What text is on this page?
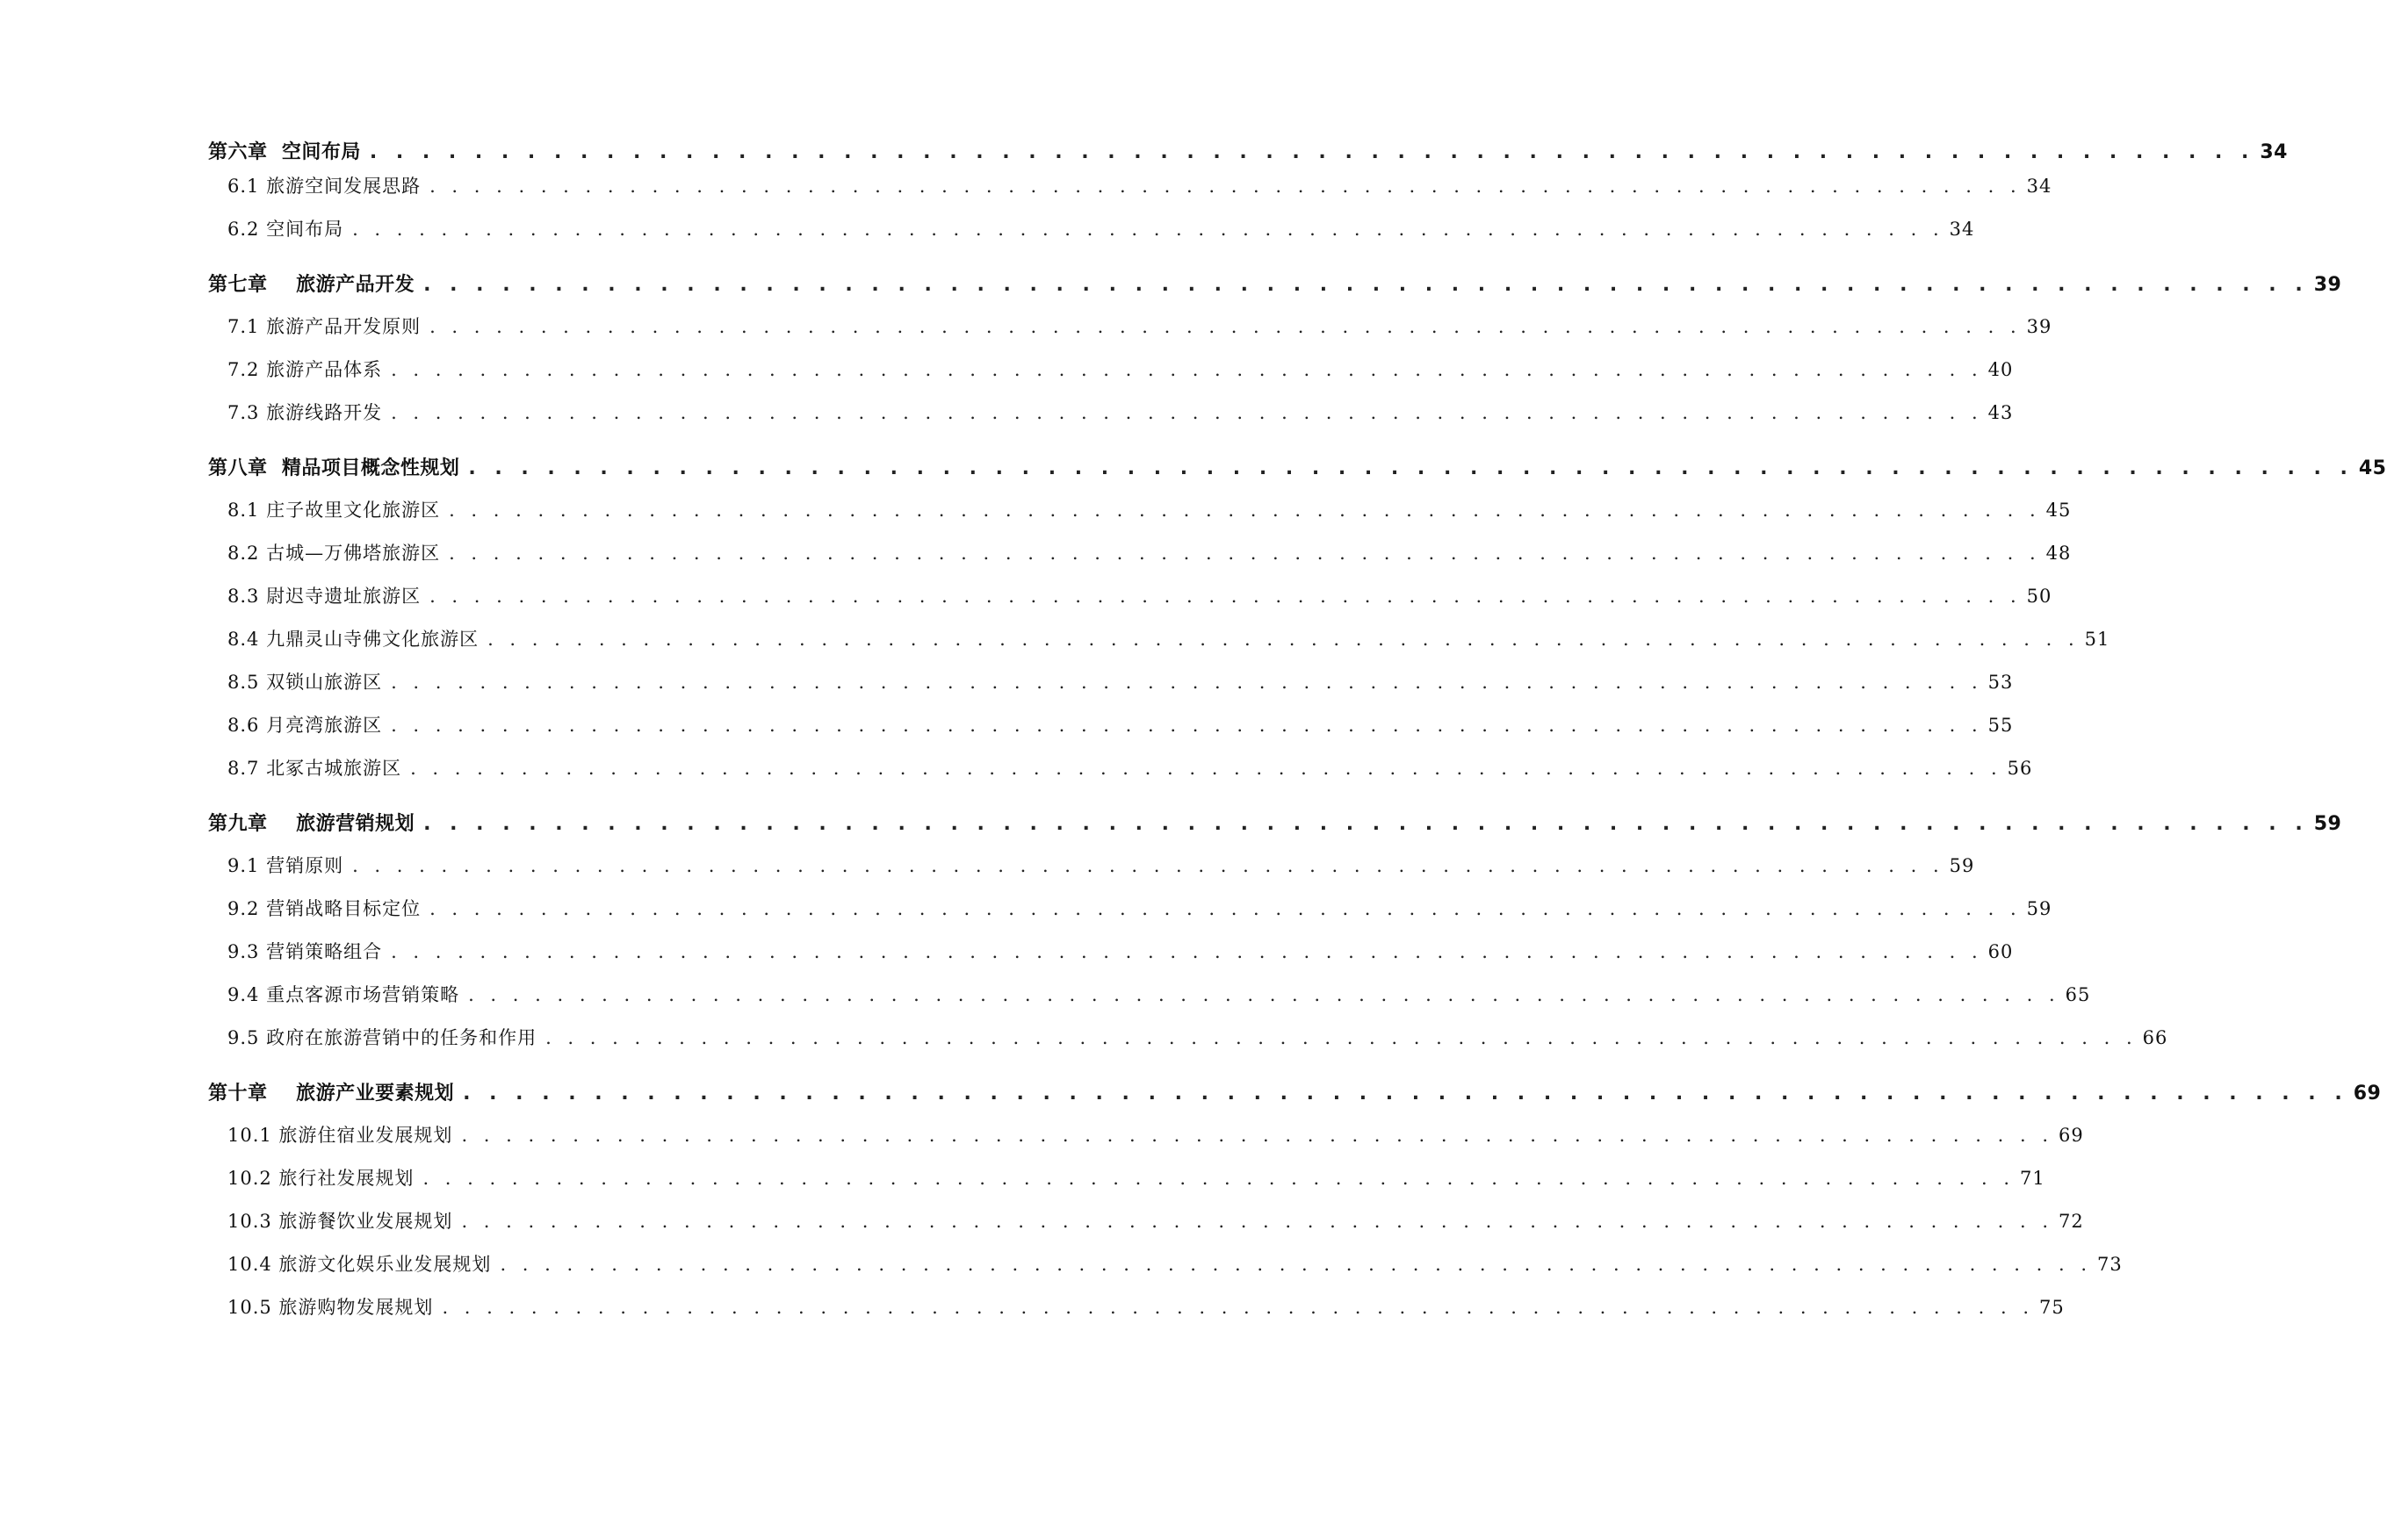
第六章  空间布局 . . . . . . . . . . . . . . . . . . . . . . . . . . . . . . . . . . . . . . . . . . . . . . . . . . . . . . . . . . . . . . . . . . . . . . . . 34
6.1 旅游空间发展思路 . . . . . . . . . . . . . . . . . . . . . . . . . . . . . . . . . . . . . . . . . . . . . . . . . . . . . . . . . . . . . . . . . . . . . . . . 34
6.2 空间布局 . . . . . . . . . . . . . . . . . . . . . . . . . . . . . . . . . . . . . . . . . . . . . . . . . . . . . . . . . . . . . . . . . . . . . . . . 34
第七章    旅游产品开发 . . . . . . . . . . . . . . . . . . . . . . . . . . . . . . . . . . . . . . . . . . . . . . . . . . . . . . . . . . . . . . . . . . . . . . . . 39
7.1 旅游产品开发原则 . . . . . . . . . . . . . . . . . . . . . . . . . . . . . . . . . . . . . . . . . . . . . . . . . . . . . . . . . . . . . . . . . . . . . . . . 39
7.2 旅游产品体系 . . . . . . . . . . . . . . . . . . . . . . . . . . . . . . . . . . . . . . . . . . . . . . . . . . . . . . . . . . . . . . . . . . . . . . . . 40
7.3 旅游线路开发 . . . . . . . . . . . . . . . . . . . . . . . . . . . . . . . . . . . . . . . . . . . . . . . . . . . . . . . . . . . . . . . . . . . . . . . . 43
第八章  精品项目概念性规划 . . . . . . . . . . . . . . . . . . . . . . . . . . . . . . . . . . . . . . . . . . . . . . . . . . . . . . . . . . . . . . . . . . . . . . . . 45
8.1 庄子故里文化旅游区 . . . . . . . . . . . . . . . . . . . . . . . . . . . . . . . . . . . . . . . . . . . . . . . . . . . . . . . . . . . . . . . . . . . . . . . . 45
8.2 古城—万佛塔旅游区 . . . . . . . . . . . . . . . . . . . . . . . . . . . . . . . . . . . . . . . . . . . . . . . . . . . . . . . . . . . . . . . . . . . . . . . . 48
8.3 尉迟寺遗址旅游区 . . . . . . . . . . . . . . . . . . . . . . . . . . . . . . . . . . . . . . . . . . . . . . . . . . . . . . . . . . . . . . . . . . . . . . . . 50
8.4 九鼎灵山寺佛文化旅游区 . . . . . . . . . . . . . . . . . . . . . . . . . . . . . . . . . . . . . . . . . . . . . . . . . . . . . . . . . . . . . . . . . . . . . . . . 51
8.5 双锁山旅游区 . . . . . . . . . . . . . . . . . . . . . . . . . . . . . . . . . . . . . . . . . . . . . . . . . . . . . . . . . . . . . . . . . . . . . . . . 53
8.6 月亮湾旅游区 . . . . . . . . . . . . . . . . . . . . . . . . . . . . . . . . . . . . . . . . . . . . . . . . . . . . . . . . . . . . . . . . . . . . . . . . 55
8.7 北冢古城旅游区 . . . . . . . . . . . . . . . . . . . . . . . . . . . . . . . . . . . . . . . . . . . . . . . . . . . . . . . . . . . . . . . . . . . . . . . . 56
第九章    旅游营销规划 . . . . . . . . . . . . . . . . . . . . . . . . . . . . . . . . . . . . . . . . . . . . . . . . . . . . . . . . . . . . . . . . . . . . . . . . 59
9.1 营销原则 . . . . . . . . . . . . . . . . . . . . . . . . . . . . . . . . . . . . . . . . . . . . . . . . . . . . . . . . . . . . . . . . . . . . . . . . 59
9.2 营销战略目标定位 . . . . . . . . . . . . . . . . . . . . . . . . . . . . . . . . . . . . . . . . . . . . . . . . . . . . . . . . . . . . . . . . . . . . . . . . 59
9.3 营销策略组合 . . . . . . . . . . . . . . . . . . . . . . . . . . . . . . . . . . . . . . . . . . . . . . . . . . . . . . . . . . . . . . . . . . . . . . . . 60
9.4 重点客源市场营销策略 . . . . . . . . . . . . . . . . . . . . . . . . . . . . . . . . . . . . . . . . . . . . . . . . . . . . . . . . . . . . . . . . . . . . . . . . 65
9.5 政府在旅游营销中的任务和作用 . . . . . . . . . . . . . . . . . . . . . . . . . . . . . . . . . . . . . . . . . . . . . . . . . . . . . . . . . . . . . . . . . . . . . . . . 66
第十章    旅游产业要素规划 . . . . . . . . . . . . . . . . . . . . . . . . . . . . . . . . . . . . . . . . . . . . . . . . . . . . . . . . . . . . . . . . . . . . . . . . 69
10.1 旅游住宿业发展规划 . . . . . . . . . . . . . . . . . . . . . . . . . . . . . . . . . . . . . . . . . . . . . . . . . . . . . . . . . . . . . . . . . . . . . . . . 69
10.2 旅行社发展规划 . . . . . . . . . . . . . . . . . . . . . . . . . . . . . . . . . . . . . . . . . . . . . . . . . . . . . . . . . . . . . . . . . . . . . . . . 71
10.3 旅游餐饮业发展规划 . . . . . . . . . . . . . . . . . . . . . . . . . . . . . . . . . . . . . . . . . . . . . . . . . . . . . . . . . . . . . . . . . . . . . . . . 72
10.4 旅游文化娱乐业发展规划 . . . . . . . . . . . . . . . . . . . . . . . . . . . . . . . . . . . . . . . . . . . . . . . . . . . . . . . . . . . . . . . . . . . . . . . . 73
10.5 旅游购物发展规划 . . . . . . . . . . . . . . . . . . . . . . . . . . . . . . . . . . . . . . . . . . . . . . . . . . . . . . . . . . . . . . . . . . . . . . . . 75
